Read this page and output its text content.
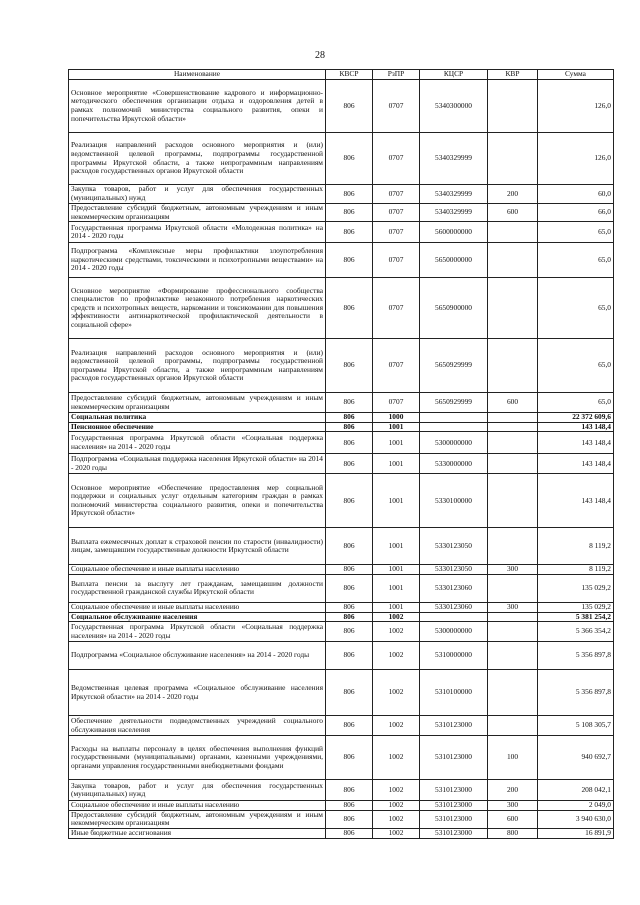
28
Наименование	КВСР	РзПР	КЦСР	КВР	Сумма
Основное мероприятие «Совершенствование кадрового и информационно-методического обеспечения организации отдыха и оздоровления детей в рамках полномочий министерства социального развития, опеки и попечительства Иркутской области»	806	0707	5340300000		126,0
Реализация направлений расходов основного мероприятия и (или) ведомственной целевой программы, подпрограммы государственной программы Иркутской области, а также непрограммным направлениям расходов государственных органов Иркутской области	806	0707	5340329999		126,0
Закупка товаров, работ и услуг для обеспечения государственных (муниципальных) нужд	806	0707	5340329999	200	60,0
Предоставление субсидий бюджетным, автономным учреждениям и иным некоммерческим организациям	806	0707	5340329999	600	66,0
Государственная программа Иркутской области «Молодежная политика» на 2014 - 2020 годы	806	0707	5600000000		65,0
Подпрограмма «Комплексные меры профилактики злоупотребления наркотическими средствами, токсическими и психотропными веществами» на 2014 - 2020 годы	806	0707	5650000000		65,0
Основное мероприятие «Формирование профессионального сообщества специалистов по профилактике незаконного потребления наркотических средств и психотропных веществ, наркомании и токсикомании для повышения эффективности антинаркотической профилактической деятельности в социальной сфере»	806	0707	5650900000		65,0
Реализация направлений расходов основного мероприятия и (или) ведомственной целевой программы, подпрограммы государственной программы Иркутской области, а также непрограммным направлениям расходов государственных органов Иркутской области	806	0707	5650929999		65,0
Предоставление субсидий бюджетным, автономным учреждениям и иным некоммерческим организациям	806	0707	5650929999	600	65,0
Социальная политика	806	1000			22 372 609,6
Пенсионное обеспечение	806	1001			143 148,4
Государственная программа Иркутской области «Социальная поддержка населения» на 2014 - 2020 годы	806	1001	5300000000		143 148,4
Подпрограмма «Социальная поддержка населения Иркутской области» на 2014 - 2020 годы	806	1001	5330000000		143 148,4
Основное мероприятие «Обеспечение предоставления мер социальной поддержки и социальных услуг отдельным категориям граждан в рамках полномочий министерства социального развития, опеки и попечительства Иркутской области»	806	1001	5330100000		143 148,4
Выплата ежемесячных доплат к страховой пенсии по старости (инвалидности) лицам, замещавшим государственные должности Иркутской области	806	1001	5330123050		8 119,2
Социальное обеспечение и иные выплаты населению	806	1001	5330123050	300	8 119,2
Выплата пенсии за выслугу лет гражданам, замещавшим должности государственной гражданской службы Иркутской области	806	1001	5330123060		135 029,2
Социальное обеспечение и иные выплаты населению	806	1001	5330123060	300	135 029,2
Социальное обслуживание населения	806	1002			5 381 254,2
Государственная программа Иркутской области «Социальная поддержка населения» на 2014 - 2020 годы	806	1002	5300000000		5 366 354,2
Подпрограмма «Социальное обслуживание населения» на 2014 - 2020 годы	806	1002	5310000000		5 356 897,8
Ведомственная целевая программа «Социальное обслуживание населения Иркутской области» на 2014 - 2020 годы	806	1002	5310100000		5 356 897,8
Обеспечение деятельности подведомственных учреждений социального обслуживания населения	806	1002	5310123000		5 108 305,7
Расходы на выплаты персоналу в целях обеспечения выполнения функций государственными (муниципальными) органами, казенными учреждениями, органами управления государственными внебюджетными фондами	806	1002	5310123000	100	940 692,7
Закупка товаров, работ и услуг для обеспечения государственных (муниципальных) нужд	806	1002	5310123000	200	208 042,1
Социальное обеспечение и иные выплаты населению	806	1002	5310123000	300	2 049,0
Предоставление субсидий бюджетным, автономным учреждениям и иным некоммерческим организациям	806	1002	5310123000	600	3 940 630,0
Иные бюджетные ассигнования	806	1002	5310123000	800	16 891,9
